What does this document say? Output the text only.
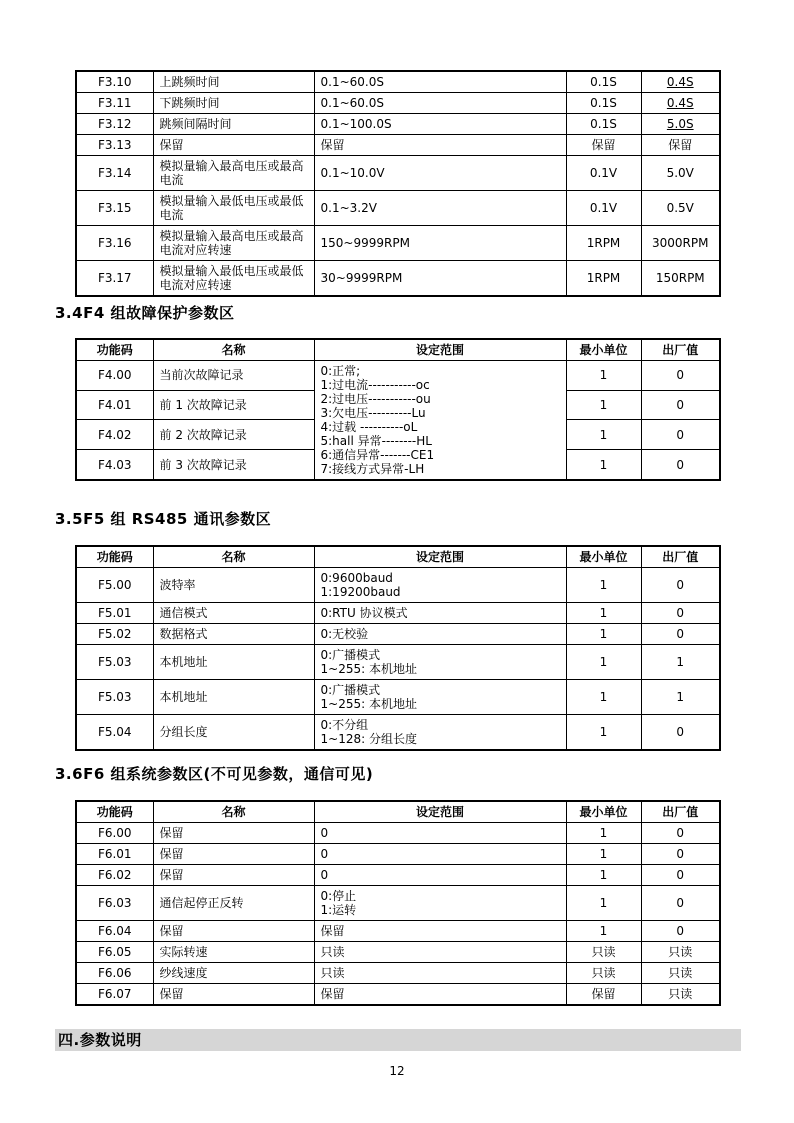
F3.10	上跳频时间	0.1~60.0S	0.1S	0.4S
F3.11	下跳频时间	0.1~60.0S	0.1S	0.4S
F3.12	跳频间隔时间	0.1~100.0S	0.1S	5.0S
F3.13	保留	保留	保留	保留
F3.14	模拟量输入最高电压或最高电流	0.1~10.0V	0.1V	5.0V
F3.15	模拟量输入最低电压或最低电流	0.1~3.2V	0.1V	0.5V
F3.16	模拟量输入最高电压或最高电流对应转速	150~9999RPM	1RPM	3000RPM
F3.17	模拟量输入最低电压或最低电流对应转速	30~9999RPM	1RPM	150RPM
3.4F4 组故障保护参数区
功能码	名称	设定范围	最小单位	出厂值
F4.00	当前次故障记录	0:正常;
1:过电流-----------oc
2:过电压-----------ou
3:欠电压----------Lu
4:过载 ----------oL
5:hall 异常--------HL
6:通信异常-------CE1
7:接线方式异常-LH	1	0
F4.01	前 1 次故障记录		1	0
F4.02	前 2 次故障记录		1	0
F4.03	前 3 次故障记录		1	0
3.5F5 组 RS485 通讯参数区
功能码	名称	设定范围	最小单位	出厂值
F5.00	波特率	0:9600baud
1:19200baud	1	0
F5.01	通信模式	0:RTU 协议模式	1	0
F5.02	数据格式	0:无校验	1	0
F5.03	本机地址	0:广播模式
1~255: 本机地址	1	1
F5.03	本机地址	0:广播模式
1~255: 本机地址	1	1
F5.04	分组长度	0:不分组
1~128: 分组长度	1	0
3.6F6 组系统参数区(不可见参数，通信可见)
功能码	名称	设定范围	最小单位	出厂值
F6.00	保留	0	1	0
F6.01	保留	0	1	0
F6.02	保留	0	1	0
F6.03	通信起停正反转	0:停止
1:运转	1	0
F6.04	保留	保留	1	0
F6.05	实际转速	只读	只读	只读
F6.06	纱线速度	只读	只读	只读
F6.07	保留	保留	保留	只读
四.参数说明
12
